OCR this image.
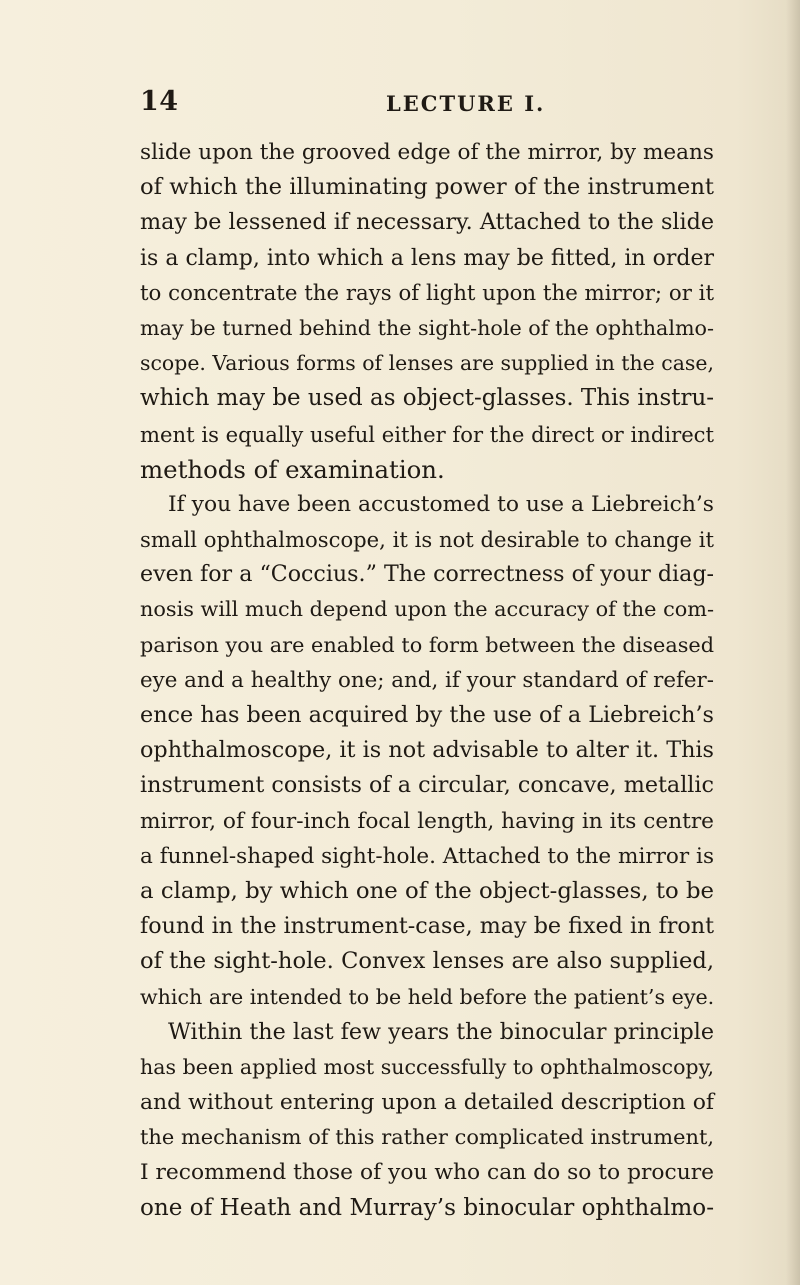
14	LECTURE I.
slide upon the grooved edge of the mirror, by means
of which the illuminating power of the instrument
may be lessened if necessary. Attached to the slide
is a clamp, into which a lens may be fitted, in order
to concentrate the rays of light upon the mirror; or it
may be turned behind the sight-hole of the ophthalmo-
scope. Various forms of lenses are supplied in the case,
which may be used as object-glasses. This instru-
ment is equally useful either for the direct or indirect
methods of examination.
If you have been accustomed to use a Liebreich’s
small ophthalmoscope, it is not desirable to change it
even for a “Coccius.” The correctness of your diag-
nosis will much depend upon the accuracy of the com-
parison you are enabled to form between the diseased
eye and a healthy one; and, if your standard of refer-
ence has been acquired by the use of a Liebreich’s
ophthalmoscope, it is not advisable to alter it. This
instrument consists of a circular, concave, metallic
mirror, of four-inch focal length, having in its centre
a funnel-shaped sight-hole. Attached to the mirror is
a clamp, by which one of the object-glasses, to be
found in the instrument-case, may be fixed in front
of the sight-hole. Convex lenses are also supplied,
which are intended to be held before the patient’s eye.
Within the last few years the binocular principle
has been applied most successfully to ophthalmoscopy,
and without entering upon a detailed description of
the mechanism of this rather complicated instrument,
I recommend those of you who can do so to procure
one of Heath and Murray’s binocular ophthalmo-
